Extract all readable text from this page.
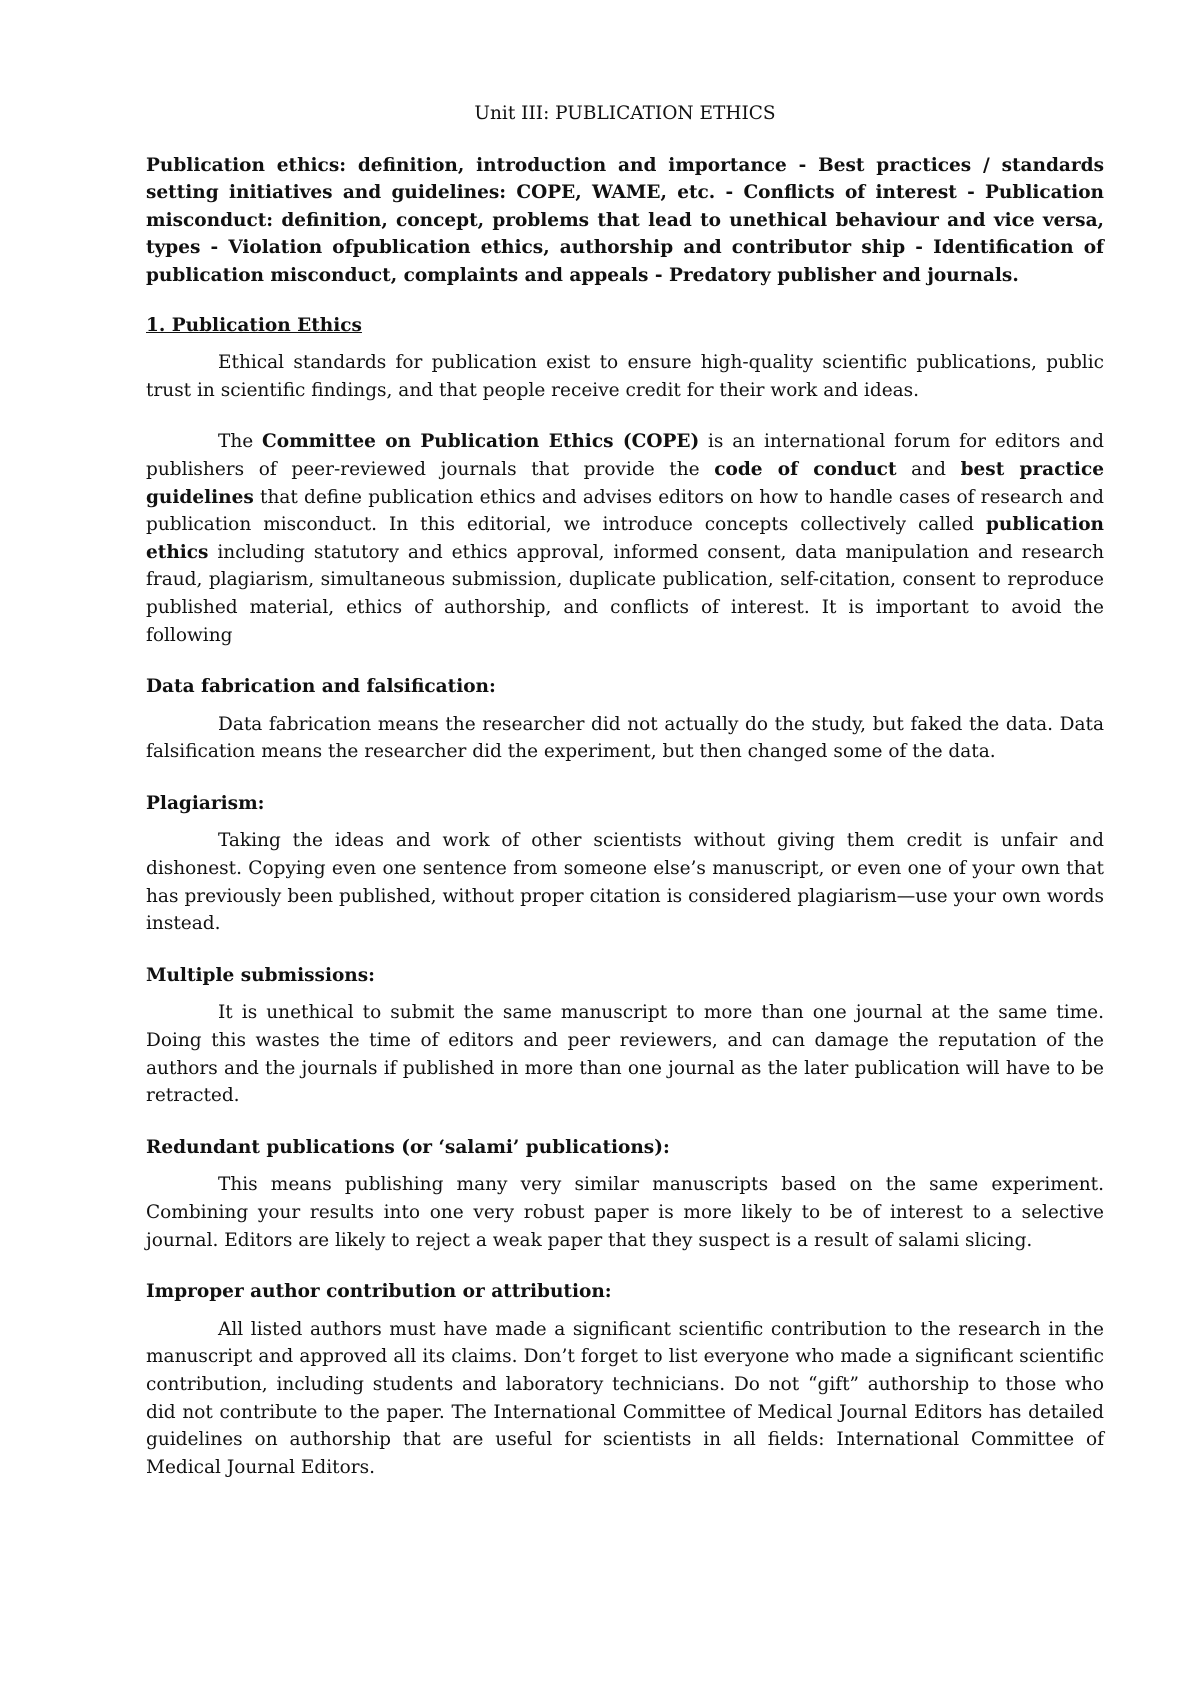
Unit III: PUBLICATION ETHICS

Publication ethics: definition, introduction and importance - Best practices / standards setting initiatives and guidelines: COPE, WAME, etc. - Conflicts of interest - Publication misconduct: definition, concept, problems that lead to unethical behaviour and vice versa, types - Violation ofpublication ethics, authorship and contributor ship - Identification of publication misconduct, complaints and appeals - Predatory publisher and journals.

1. Publication Ethics

Ethical standards for publication exist to ensure high-quality scientific publications, public trust in scientific findings, and that people receive credit for their work and ideas.

The Committee on Publication Ethics (COPE) is an international forum for editors and publishers of peer-reviewed journals that provide the code of conduct and best practice guidelines that define publication ethics and advises editors on how to handle cases of research and publication misconduct. In this editorial, we introduce concepts collectively called publication ethics including statutory and ethics approval, informed consent, data manipulation and research fraud, plagiarism, simultaneous submission, duplicate publication, self-citation, consent to reproduce published material, ethics of authorship, and conflicts of interest. It is important to avoid the following

Data fabrication and falsification:

Data fabrication means the researcher did not actually do the study, but faked the data. Data falsification means the researcher did the experiment, but then changed some of the data.

Plagiarism:

Taking the ideas and work of other scientists without giving them credit is unfair and dishonest. Copying even one sentence from someone else’s manuscript, or even one of your own that has previously been published, without proper citation is considered plagiarism—use your own words instead.

Multiple submissions:

It is unethical to submit the same manuscript to more than one journal at the same time. Doing this wastes the time of editors and peer reviewers, and can damage the reputation of the authors and the journals if published in more than one journal as the later publication will have to be retracted.

Redundant publications (or ‘salami’ publications):

This means publishing many very similar manuscripts based on the same experiment. Combining your results into one very robust paper is more likely to be of interest to a selective journal. Editors are likely to reject a weak paper that they suspect is a result of salami slicing.

Improper author contribution or attribution:

All listed authors must have made a significant scientific contribution to the research in the manuscript and approved all its claims. Don’t forget to list everyone who made a significant scientific contribution, including students and laboratory technicians. Do not “gift” authorship to those who did not contribute to the paper. The International Committee of Medical Journal Editors has detailed guidelines on authorship that are useful for scientists in all fields: International Committee of Medical Journal Editors.
